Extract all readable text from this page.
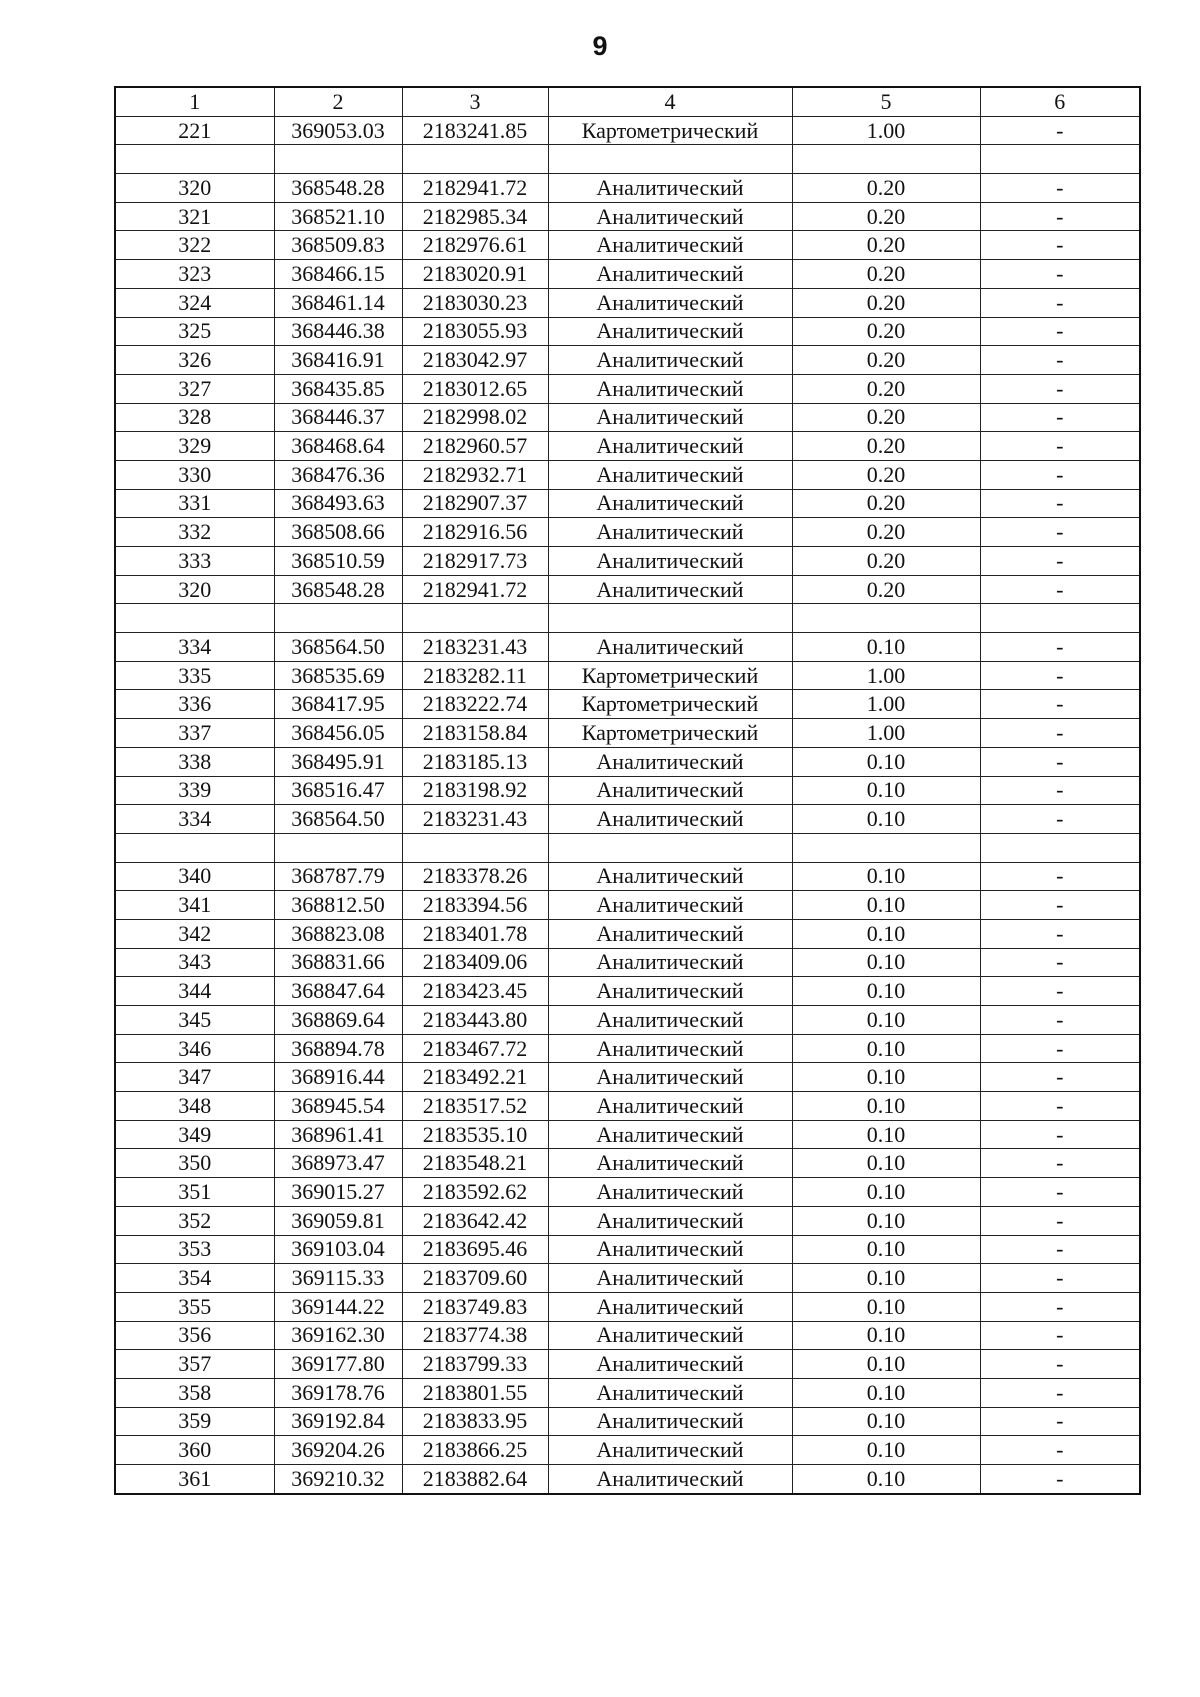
9
1	2	3	4	5	6
221	369053.03	2183241.85	Картометрический	1.00	-

320	368548.28	2182941.72	Аналитический	0.20	-
321	368521.10	2182985.34	Аналитический	0.20	-
322	368509.83	2182976.61	Аналитический	0.20	-
323	368466.15	2183020.91	Аналитический	0.20	-
324	368461.14	2183030.23	Аналитический	0.20	-
325	368446.38	2183055.93	Аналитический	0.20	-
326	368416.91	2183042.97	Аналитический	0.20	-
327	368435.85	2183012.65	Аналитический	0.20	-
328	368446.37	2182998.02	Аналитический	0.20	-
329	368468.64	2182960.57	Аналитический	0.20	-
330	368476.36	2182932.71	Аналитический	0.20	-
331	368493.63	2182907.37	Аналитический	0.20	-
332	368508.66	2182916.56	Аналитический	0.20	-
333	368510.59	2182917.73	Аналитический	0.20	-
320	368548.28	2182941.72	Аналитический	0.20	-

334	368564.50	2183231.43	Аналитический	0.10	-
335	368535.69	2183282.11	Картометрический	1.00	-
336	368417.95	2183222.74	Картометрический	1.00	-
337	368456.05	2183158.84	Картометрический	1.00	-
338	368495.91	2183185.13	Аналитический	0.10	-
339	368516.47	2183198.92	Аналитический	0.10	-
334	368564.50	2183231.43	Аналитический	0.10	-

340	368787.79	2183378.26	Аналитический	0.10	-
341	368812.50	2183394.56	Аналитический	0.10	-
342	368823.08	2183401.78	Аналитический	0.10	-
343	368831.66	2183409.06	Аналитический	0.10	-
344	368847.64	2183423.45	Аналитический	0.10	-
345	368869.64	2183443.80	Аналитический	0.10	-
346	368894.78	2183467.72	Аналитический	0.10	-
347	368916.44	2183492.21	Аналитический	0.10	-
348	368945.54	2183517.52	Аналитический	0.10	-
349	368961.41	2183535.10	Аналитический	0.10	-
350	368973.47	2183548.21	Аналитический	0.10	-
351	369015.27	2183592.62	Аналитический	0.10	-
352	369059.81	2183642.42	Аналитический	0.10	-
353	369103.04	2183695.46	Аналитический	0.10	-
354	369115.33	2183709.60	Аналитический	0.10	-
355	369144.22	2183749.83	Аналитический	0.10	-
356	369162.30	2183774.38	Аналитический	0.10	-
357	369177.80	2183799.33	Аналитический	0.10	-
358	369178.76	2183801.55	Аналитический	0.10	-
359	369192.84	2183833.95	Аналитический	0.10	-
360	369204.26	2183866.25	Аналитический	0.10	-
361	369210.32	2183882.64	Аналитический	0.10	-
